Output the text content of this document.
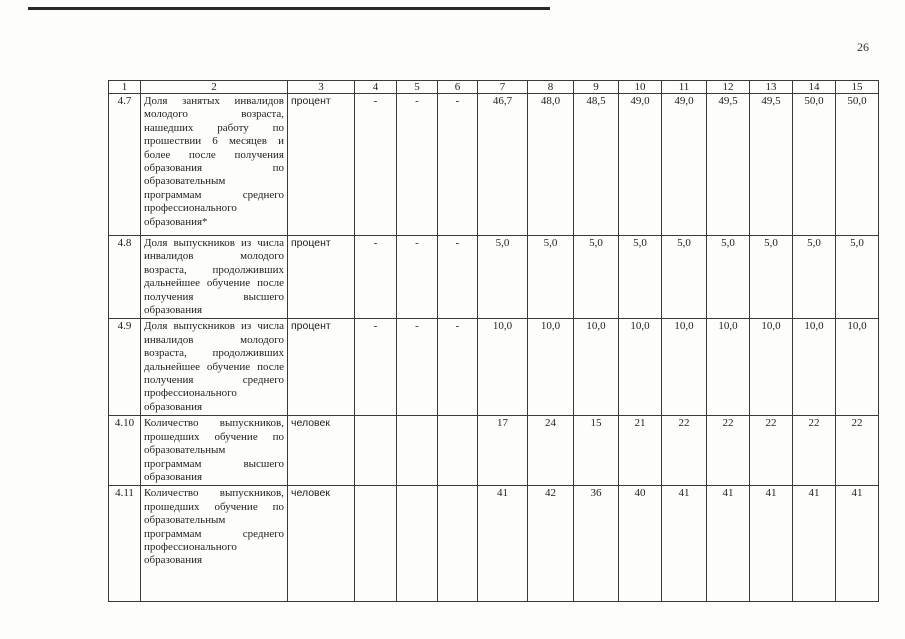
26
1	2	3	4	5	6	7	8	9	10	11	12	13	14	15
4.7	Доля занятых инвалидов молодого возраста, нашедших работу по прошествии 6 месяцев и более после получения образования по образовательным программам среднего профессионального образования*	процент	-	-	-	46,7	48,0	48,5	49,0	49,0	49,5	49,5	50,0	50,0
4.8	Доля выпускников из числа инвалидов молодого возраста, продолживших дальнейшее обучение после получения высшего образования	процент	-	-	-	5,0	5,0	5,0	5,0	5,0	5,0	5,0	5,0	5,0
4.9	Доля выпускников из числа инвалидов молодого возраста, продолживших дальнейшее обучение после получения среднего профессионального образования	процент	-	-	-	10,0	10,0	10,0	10,0	10,0	10,0	10,0	10,0	10,0
4.10	Количество выпускников, прошедших обучение по образовательным программам высшего образования	человек				17	24	15	21	22	22	22	22	22
4.11	Количество выпускников, прошедших обучение по образовательным программам среднего профессионального образования	человек				41	42	36	40	41	41	41	41	41
